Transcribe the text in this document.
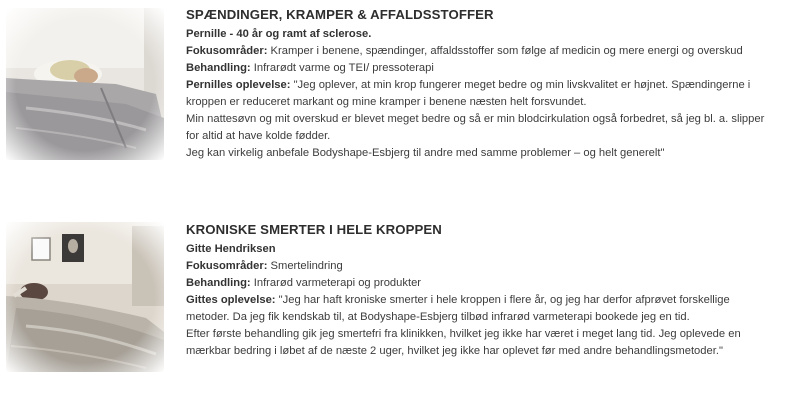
SPÆNDINGER, KRAMPER & AFFALDSSTOFFER
Pernille - 40 år og ramt af sclerose.
Fokusområder: Kramper i benene, spændinger, affaldsstoffer som følge af medicin og mere energi og overskud
Behandling: Infrarødt varme og TEI/ pressoterapi
Pernilles oplevelse: "Jeg oplever, at min krop fungerer meget bedre og min livskvalitet er højnet. Spændingerne i kroppen er reduceret markant og mine kramper i benene næsten helt forsvundet.
Min nattesøvn og mit overskud er blevet meget bedre og så er min blodcirkulation også forbedret, så jeg bl. a. slipper for altid at have kolde fødder.
Jeg kan virkelig anbefale Bodyshape-Esbjerg til andre med samme problemer – og helt generelt"
KRONISKE SMERTER I HELE KROPPEN
Gitte Hendriksen
Fokusområder: Smertelindring
Behandling: Infrarød varmeterapi og produkter
Gittes oplevelse: "Jeg har haft kroniske smerter i hele kroppen i flere år, og jeg har derfor afprøvet forskellige metoder. Da jeg fik kendskab til, at Bodyshape-Esbjerg tilbød infrarød varmeterapi bookede jeg en tid.
Efter første behandling gik jeg smertefri fra klinikken, hvilket jeg ikke har været i meget lang tid. Jeg oplevede en mærkbar bedring i løbet af de næste 2 uger, hvilket jeg ikke har oplevet før med andre behandlingsmetoder."
